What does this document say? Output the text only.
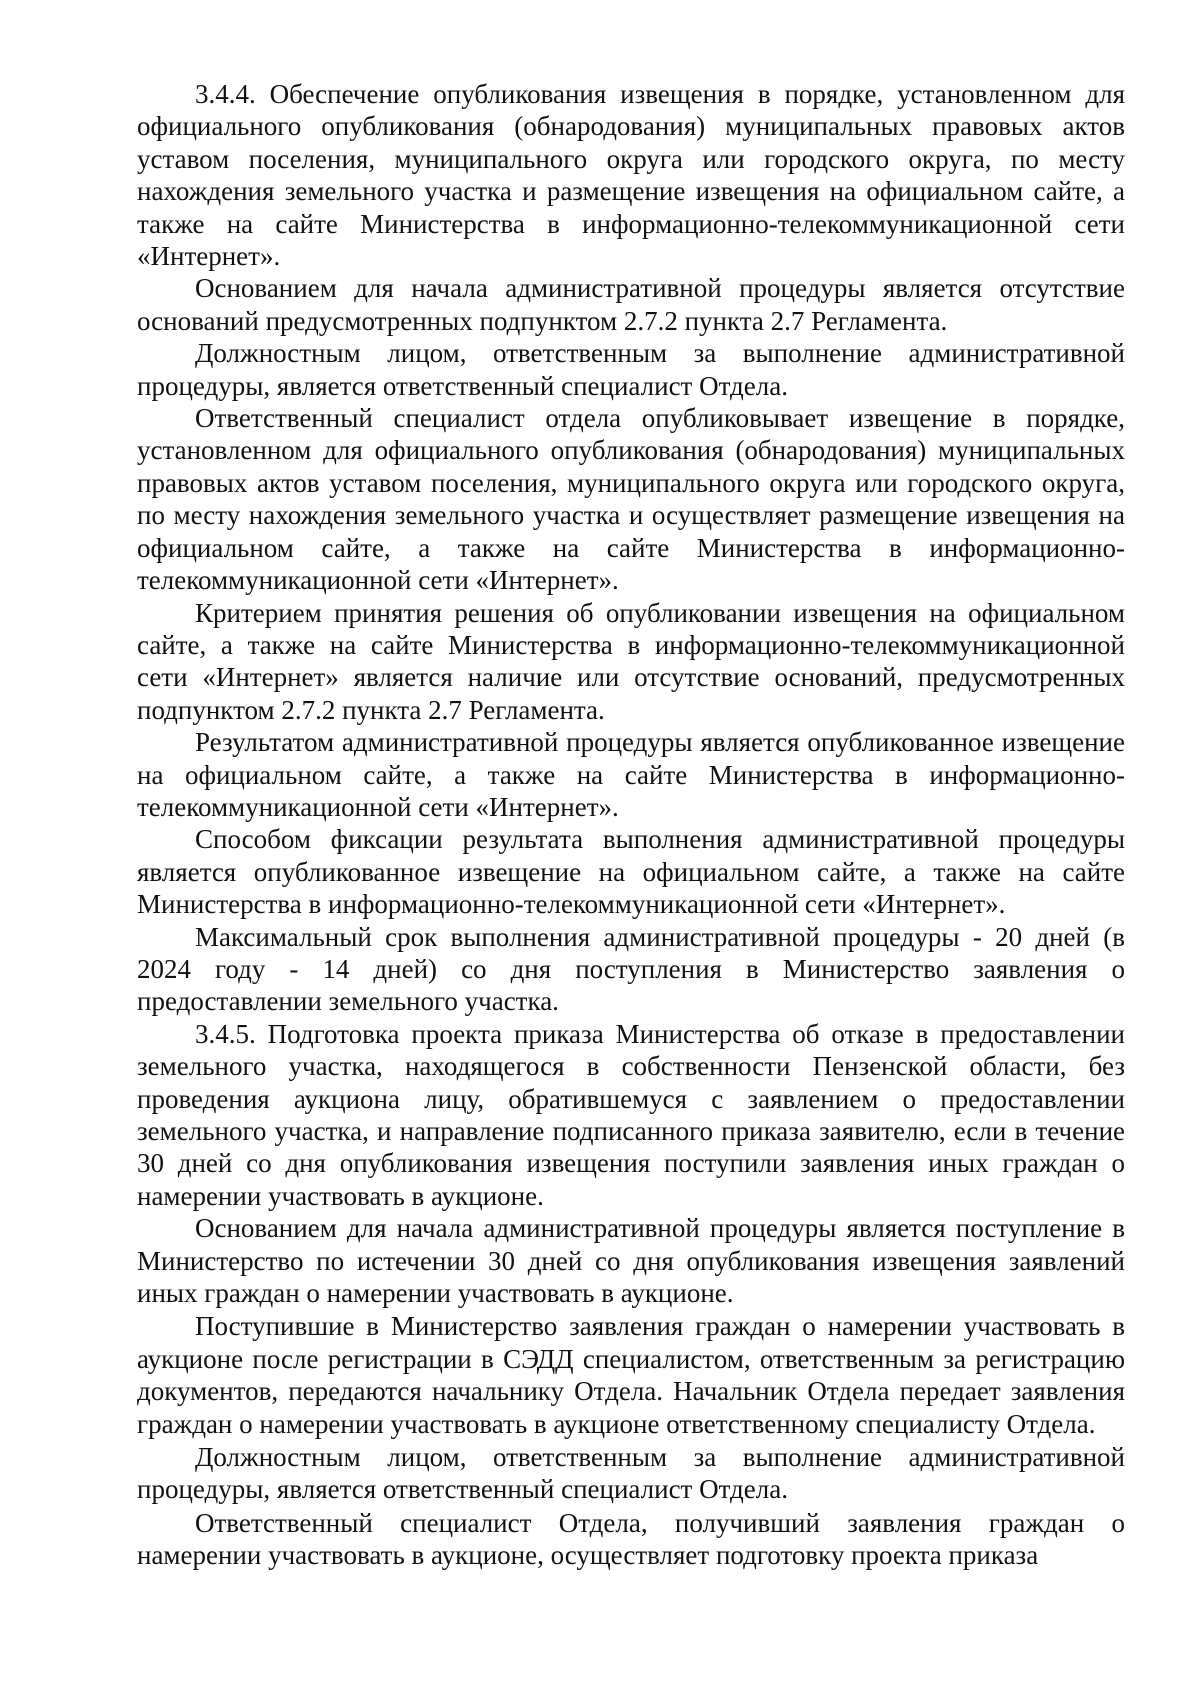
3.4.4. Обеспечение опубликования извещения в порядке, установленном для официального опубликования (обнародования) муниципальных правовых актов уставом поселения, муниципального округа или городского округа, по месту нахождения земельного участка и размещение извещения на официальном сайте, а также на сайте Министерства в информационно-телекоммуникационной сети «Интернет».

Основанием для начала административной процедуры является отсутствие оснований предусмотренных подпунктом 2.7.2 пункта 2.7 Регламента.

Должностным лицом, ответственным за выполнение административной процедуры, является ответственный специалист Отдела.

Ответственный специалист отдела опубликовывает извещение в порядке, установленном для официального опубликования (обнародования) муниципальных правовых актов уставом поселения, муниципального округа или городского округа, по месту нахождения земельного участка и осуществляет размещение извещения на официальном сайте, а также на сайте Министерства в информационно-телекоммуникационной сети «Интернет».

Критерием принятия решения об опубликовании извещения на официальном сайте, а также на сайте Министерства в информационно-телекоммуникационной сети «Интернет» является наличие или отсутствие оснований, предусмотренных подпунктом 2.7.2 пункта 2.7 Регламента.

Результатом административной процедуры является опубликованное извещение на официальном сайте, а также на сайте Министерства в информационно-телекоммуникационной сети «Интернет».

Способом фиксации результата выполнения административной процедуры является опубликованное извещение на официальном сайте, а также на сайте Министерства в информационно-телекоммуникационной сети «Интернет».

Максимальный срок выполнения административной процедуры - 20 дней (в 2024 году - 14 дней) со дня поступления в Министерство заявления о предоставлении земельного участка.

3.4.5. Подготовка проекта приказа Министерства об отказе в предоставлении земельного участка, находящегося в собственности Пензенской области, без проведения аукциона лицу, обратившемуся с заявлением о предоставлении земельного участка, и направление подписанного приказа заявителю, если в течение 30 дней со дня опубликования извещения поступили заявления иных граждан о намерении участвовать в аукционе.

Основанием для начала административной процедуры является поступление в Министерство по истечении 30 дней со дня опубликования извещения заявлений иных граждан о намерении участвовать в аукционе.

Поступившие в Министерство заявления граждан о намерении участвовать в аукционе после регистрации в СЭДД специалистом, ответственным за регистрацию документов, передаются начальнику Отдела. Начальник Отдела передает заявления граждан о намерении участвовать в аукционе ответственному специалисту Отдела.

Должностным лицом, ответственным за выполнение административной процедуры, является ответственный специалист Отдела.

Ответственный специалист Отдела, получивший заявления граждан о намерении участвовать в аукционе, осуществляет подготовку проекта приказа
